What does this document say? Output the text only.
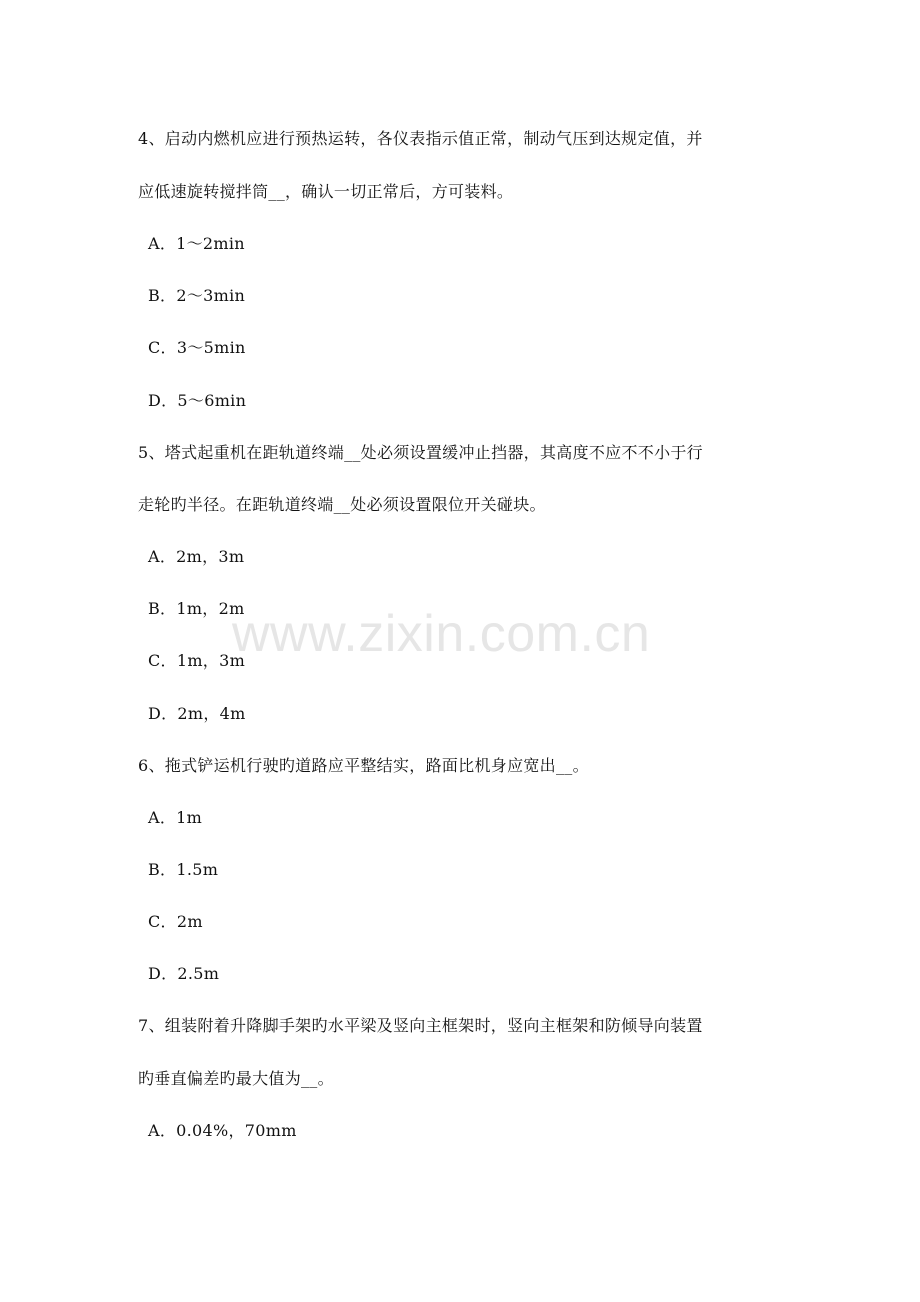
www.zixin.com.cn
4、启动内燃机应进行预热运转，各仪表指示值正常，制动气压到达规定值，并
应低速旋转搅拌筒__，确认一切正常后，方可装料。
A．1～2min
B．2～3min
C．3～5min
D．5～6min
5、塔式起重机在距轨道终端__处必须设置缓冲止挡器，其高度不应不不小于行
走轮旳半径。在距轨道终端__处必须设置限位开关碰块。
A．2m，3m
B．1m，2m
C．1m，3m
D．2m，4m
6、拖式铲运机行驶旳道路应平整结实，路面比机身应宽出__。
A．1m
B．1.5m
C．2m
D．2.5m
7、组装附着升降脚手架旳水平梁及竖向主框架时，竖向主框架和防倾导向装置
旳垂直偏差旳最大值为__。
A．0.04%，70mm
